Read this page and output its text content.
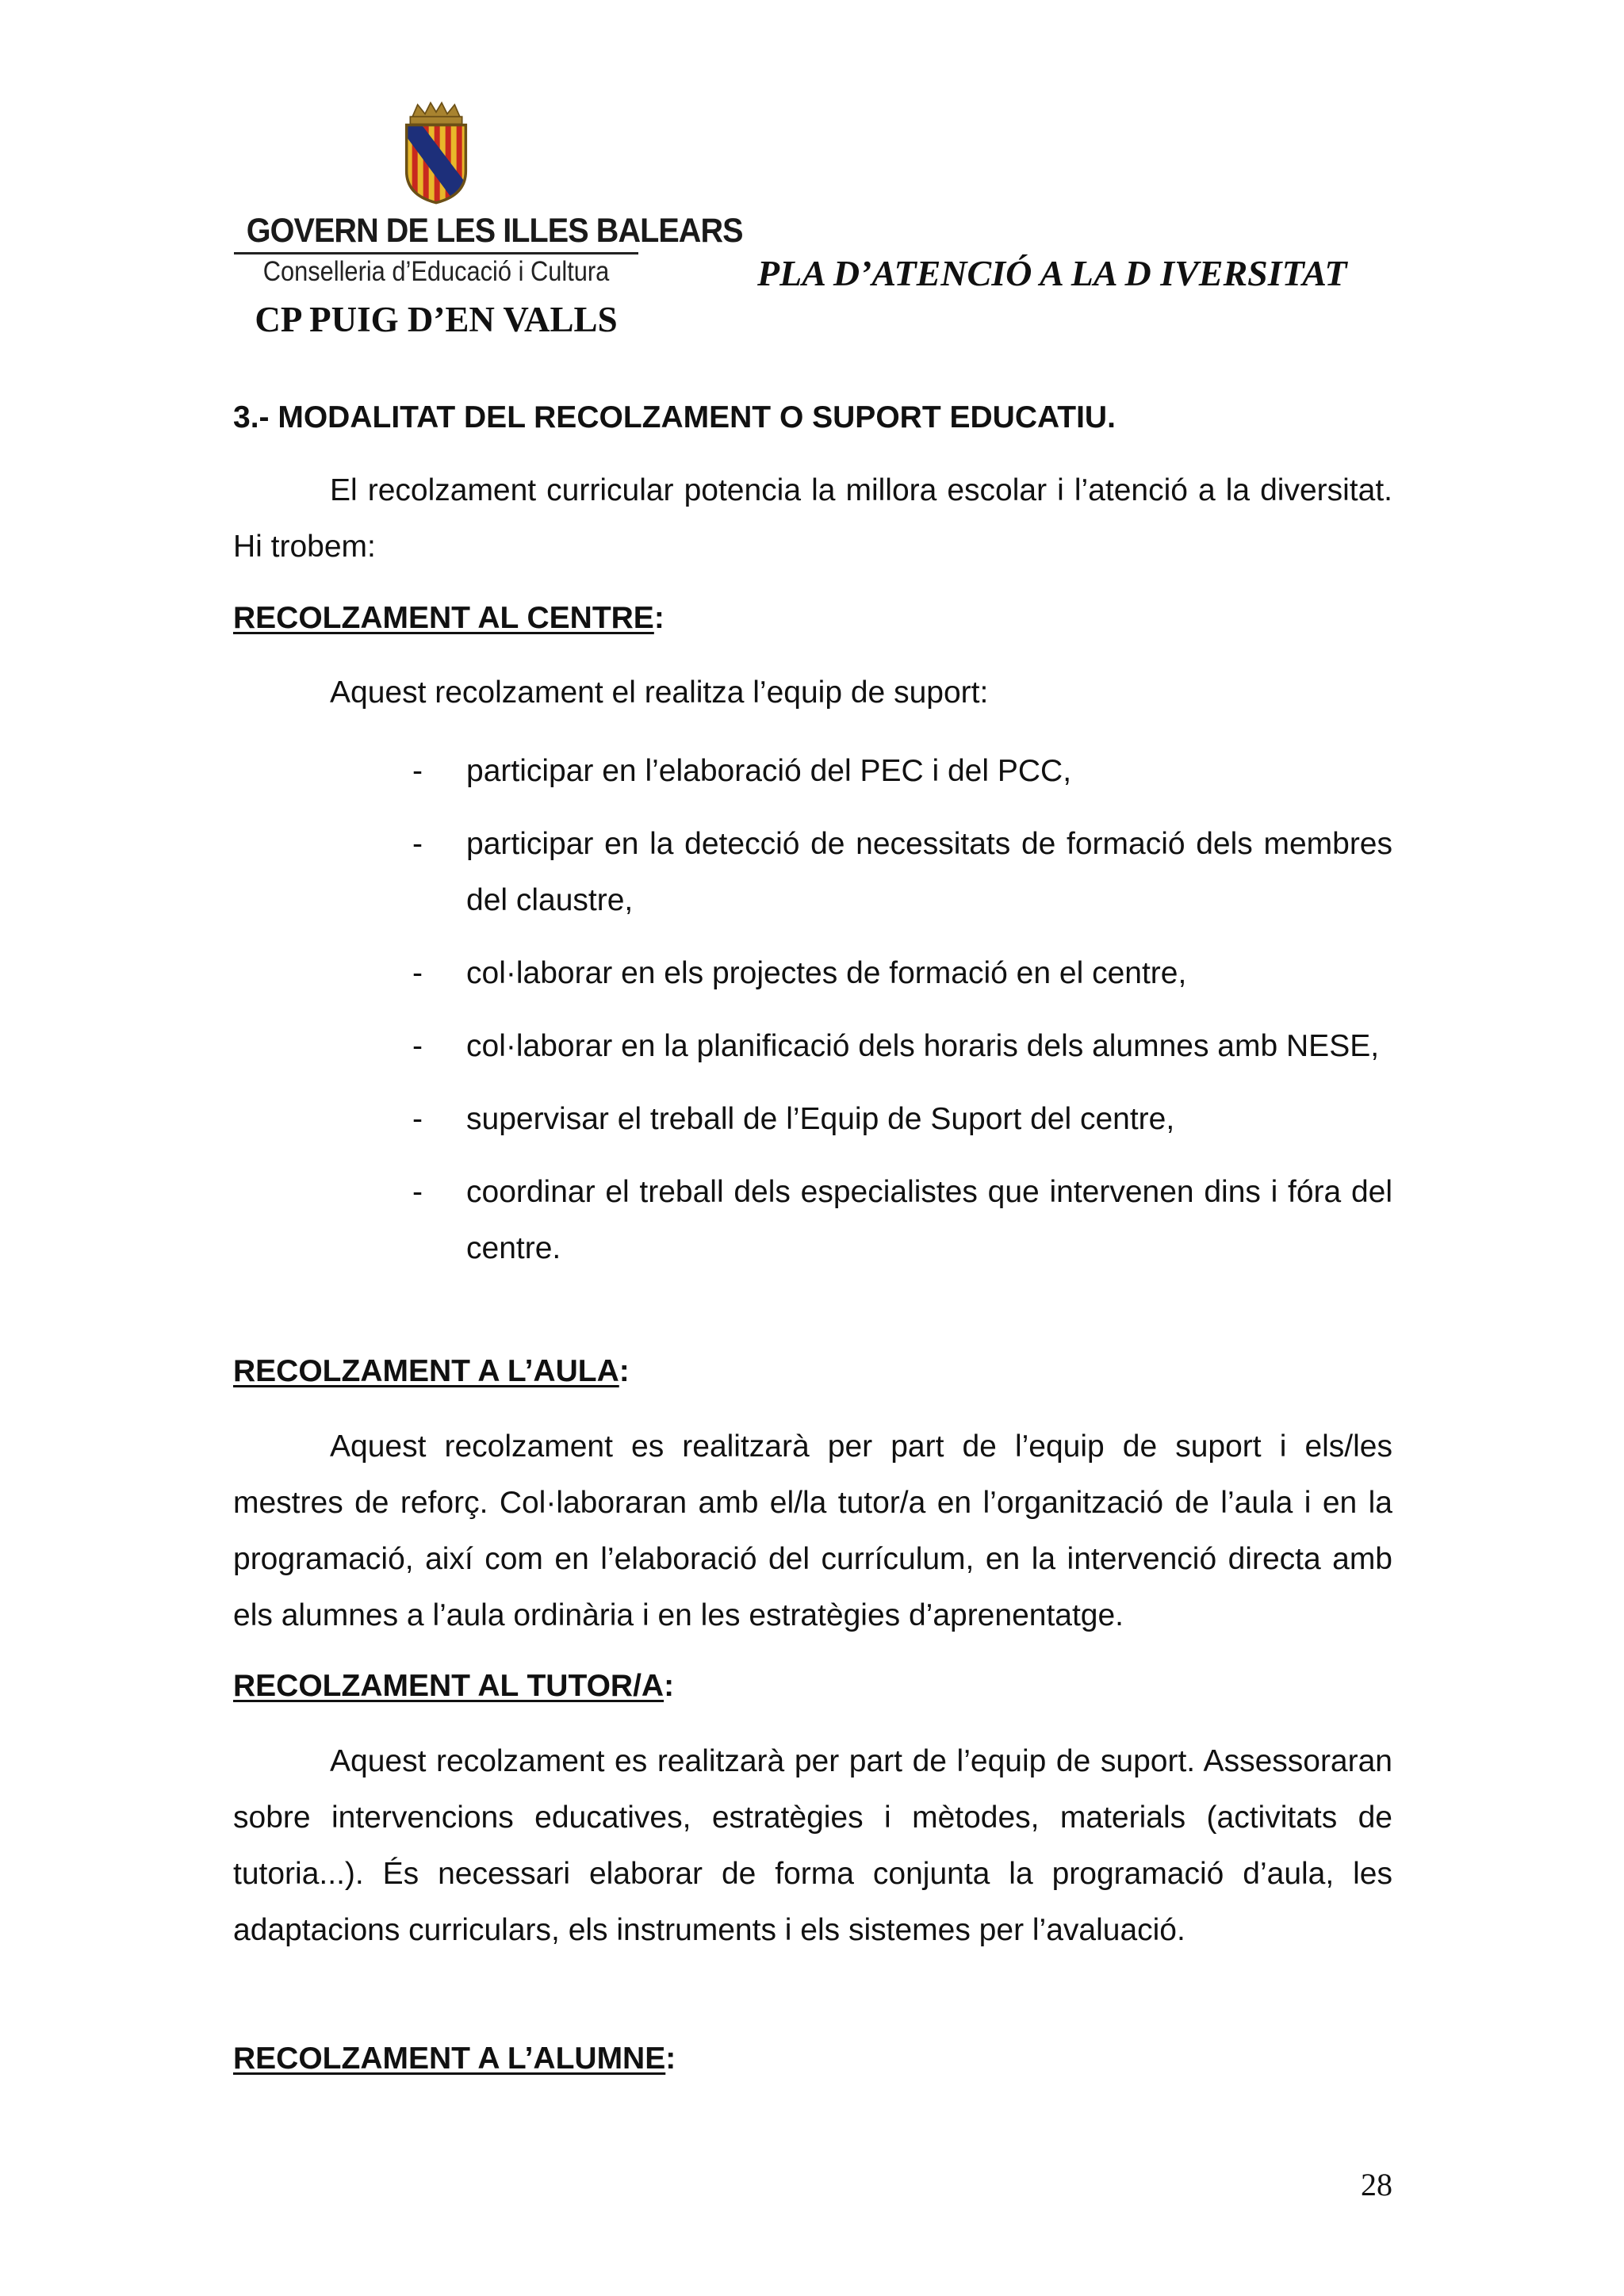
GOVERN DE LES ILLES BALEARS
Conselleria d’Educació i Cultura
CP PUIG D’EN VALLS
PLA D’ATENCIÓ A LA D IVERSITAT
3.- MODALITAT DEL RECOLZAMENT O SUPORT EDUCATIU.

El recolzament curricular potencia la millora escolar i l’atenció a la diversitat. Hi trobem:

RECOLZAMENT AL CENTRE:
Aquest recolzament el realitza l’equip de suport:
- participar en l’elaboració del PEC i del PCC,
- participar en la detecció de necessitats de formació dels membres del claustre,
- col·laborar en els projectes de formació en el centre,
- col·laborar en la planificació dels horaris dels alumnes amb NESE,
- supervisar el treball de l’Equip de Suport del centre,
- coordinar el treball dels especialistes que intervenen dins i fóra del centre.
RECOLZAMENT A L’AULA:

Aquest recolzament es realitzarà per part de l’equip de suport i els/les mestres de reforç. Col·laboraran amb el/la tutor/a en l’organització de l’aula i en la programació, així com en l’elaboració del currículum, en la intervenció directa amb els alumnes a l’aula ordinària i en les estratègies d’aprenentatge.

RECOLZAMENT AL TUTOR/A:

Aquest recolzament es realitzarà per part de l’equip de suport. Assessoraran sobre intervencions educatives, estratègies i mètodes, materials (activitats de tutoria...). És necessari elaborar de forma conjunta la programació d’aula, les adaptacions curriculars, els instruments i els sistemes per l’avaluació.

RECOLZAMENT A L’ALUMNE:
28
